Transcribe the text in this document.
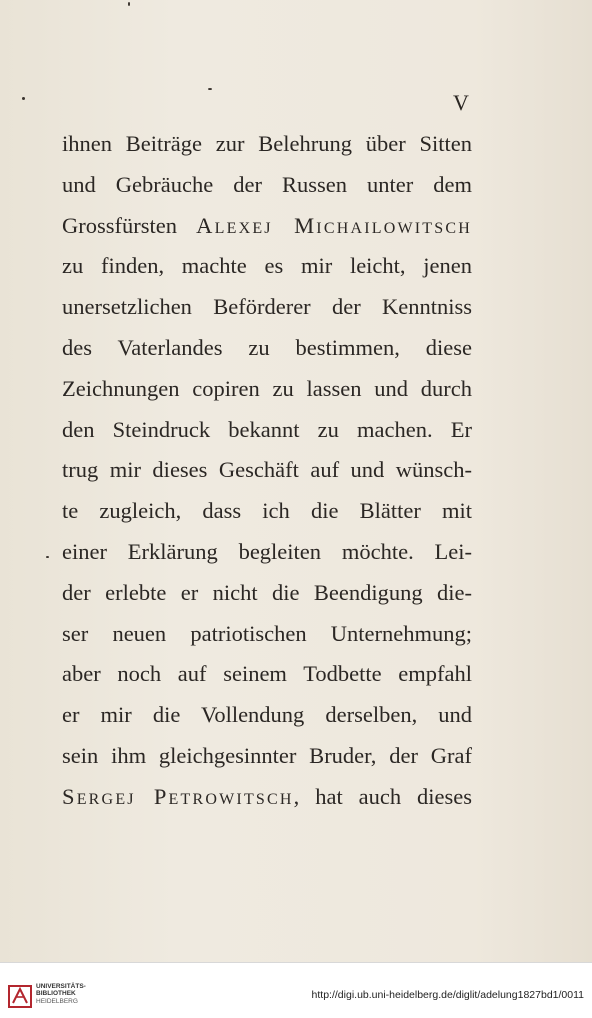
V
ihnen Beiträge zur Belehrung über Sitten
und Gebräuche der Russen unter dem
Grossfürsten Alexej Michailowitsch
zu finden, machte es mir leicht, jenen
unersetzlichen Beförderer der Kenntniss
des Vaterlandes zu bestimmen, diese
Zeichnungen copiren zu lassen und durch
den Steindruck bekannt zu machen. Er
trug mir dieses Geschäft auf und wünsch-
te zugleich, dass ich die Blätter mit
einer Erklärung begleiten möchte. Lei-
der erlebte er nicht die Beendigung die-
ser neuen patriotischen Unternehmung;
aber noch auf seinem Todbette empfahl
er mir die Vollendung derselben, und
sein ihm gleichgesinnter Bruder, der Graf
Sergej Petrowitsch, hat auch dieses
UNIVERSITÄTS-
BIBLIOTHEK
HEIDELBERG
http://digi.ub.uni-heidelberg.de/diglit/adelung1827bd1/0011
